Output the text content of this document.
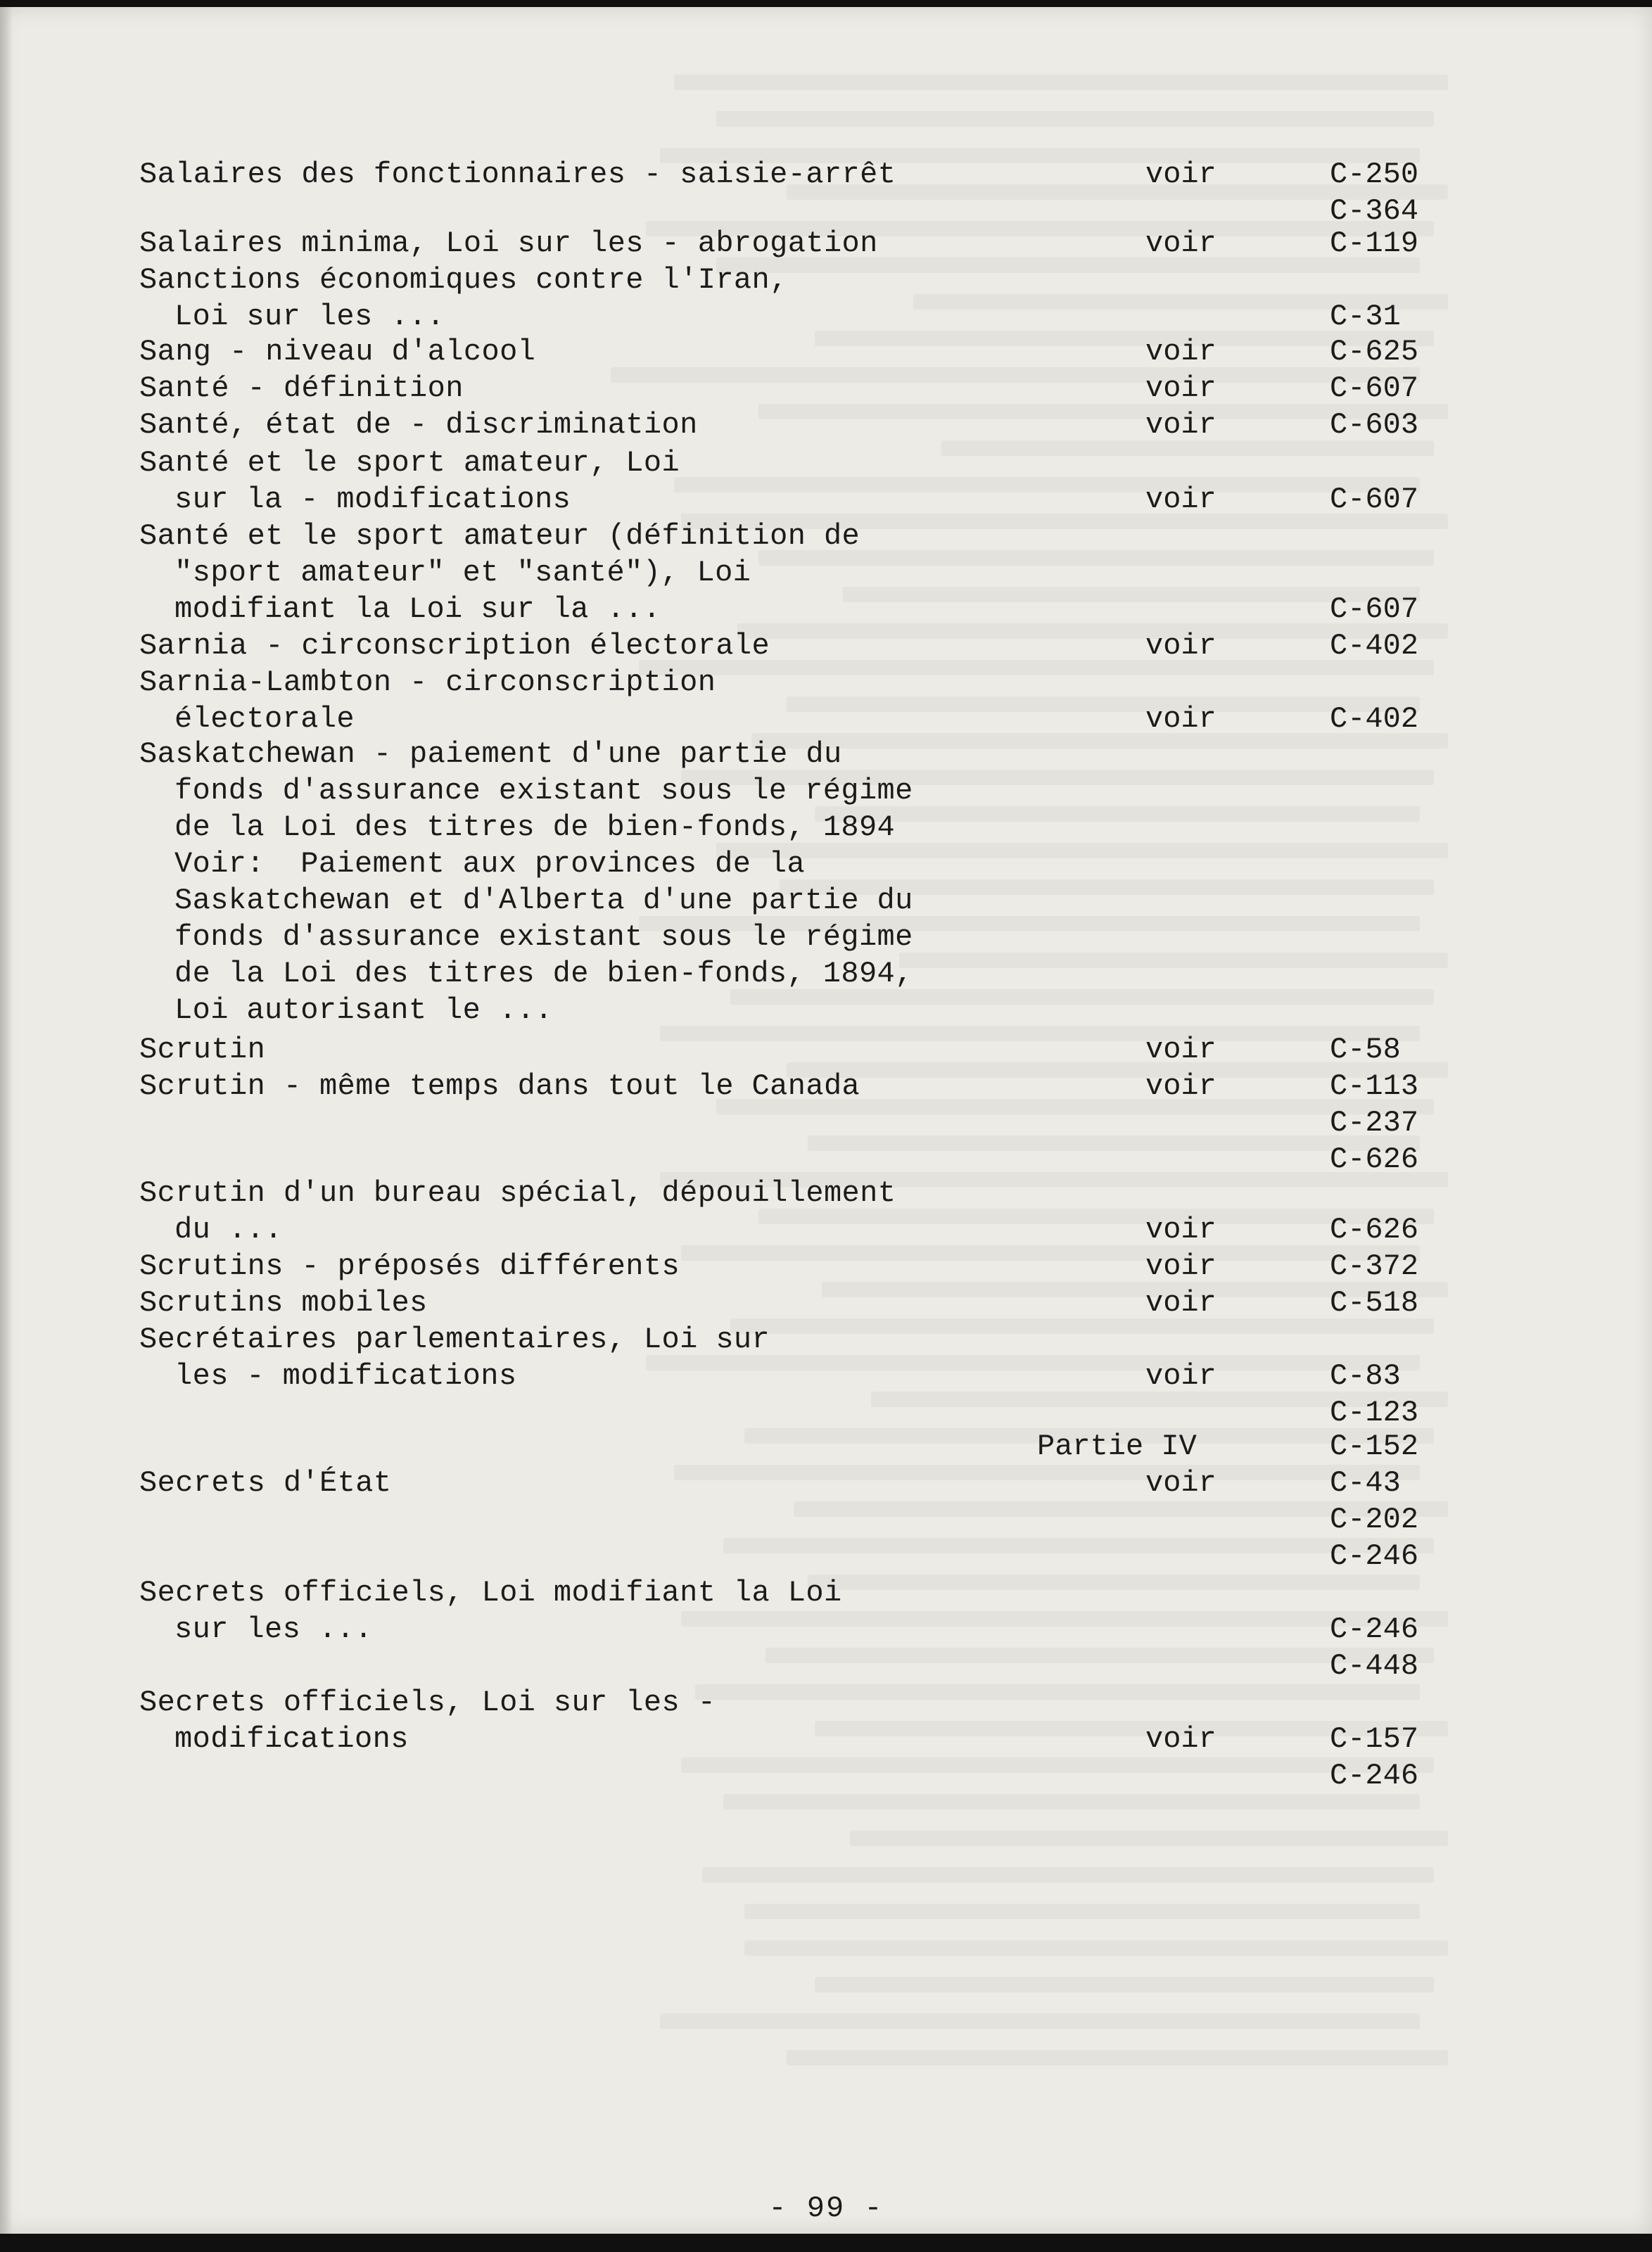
Salaires des fonctionnaires - saisie-arrêt	voir	C-250
C-364
Salaires minima, Loi sur les - abrogation	voir	C-119
Sanctions économiques contre l'Iran,
Loi sur les ...	C-31
Sang - niveau d'alcool	voir	C-625
Santé - définition	voir	C-607
Santé, état de - discrimination	voir	C-603
Santé et le sport amateur, Loi
sur la - modifications	voir	C-607
Santé et le sport amateur (définition de
"sport amateur" et "santé"), Loi
modifiant la Loi sur la ...	C-607
Sarnia - circonscription électorale	voir	C-402
Sarnia-Lambton - circonscription
électorale	voir	C-402
Saskatchewan - paiement d'une partie du
fonds d'assurance existant sous le régime
de la Loi des titres de bien-fonds, 1894
Voir:  Paiement aux provinces de la
Saskatchewan et d'Alberta d'une partie du
fonds d'assurance existant sous le régime
de la Loi des titres de bien-fonds, 1894,
Loi autorisant le ...
Scrutin	voir	C-58
Scrutin - même temps dans tout le Canada	voir	C-113
C-237
C-626
Scrutin d'un bureau spécial, dépouillement
du ...	voir	C-626
Scrutins - préposés différents	voir	C-372
Scrutins mobiles	voir	C-518
Secrétaires parlementaires, Loi sur
les - modifications	voir	C-83
C-123
Partie IV	C-152
Secrets d'État	voir	C-43
C-202
C-246
Secrets officiels, Loi modifiant la Loi
sur les ...	C-246
C-448
Secrets officiels, Loi sur les -
modifications	voir	C-157
C-246
- 99 -
